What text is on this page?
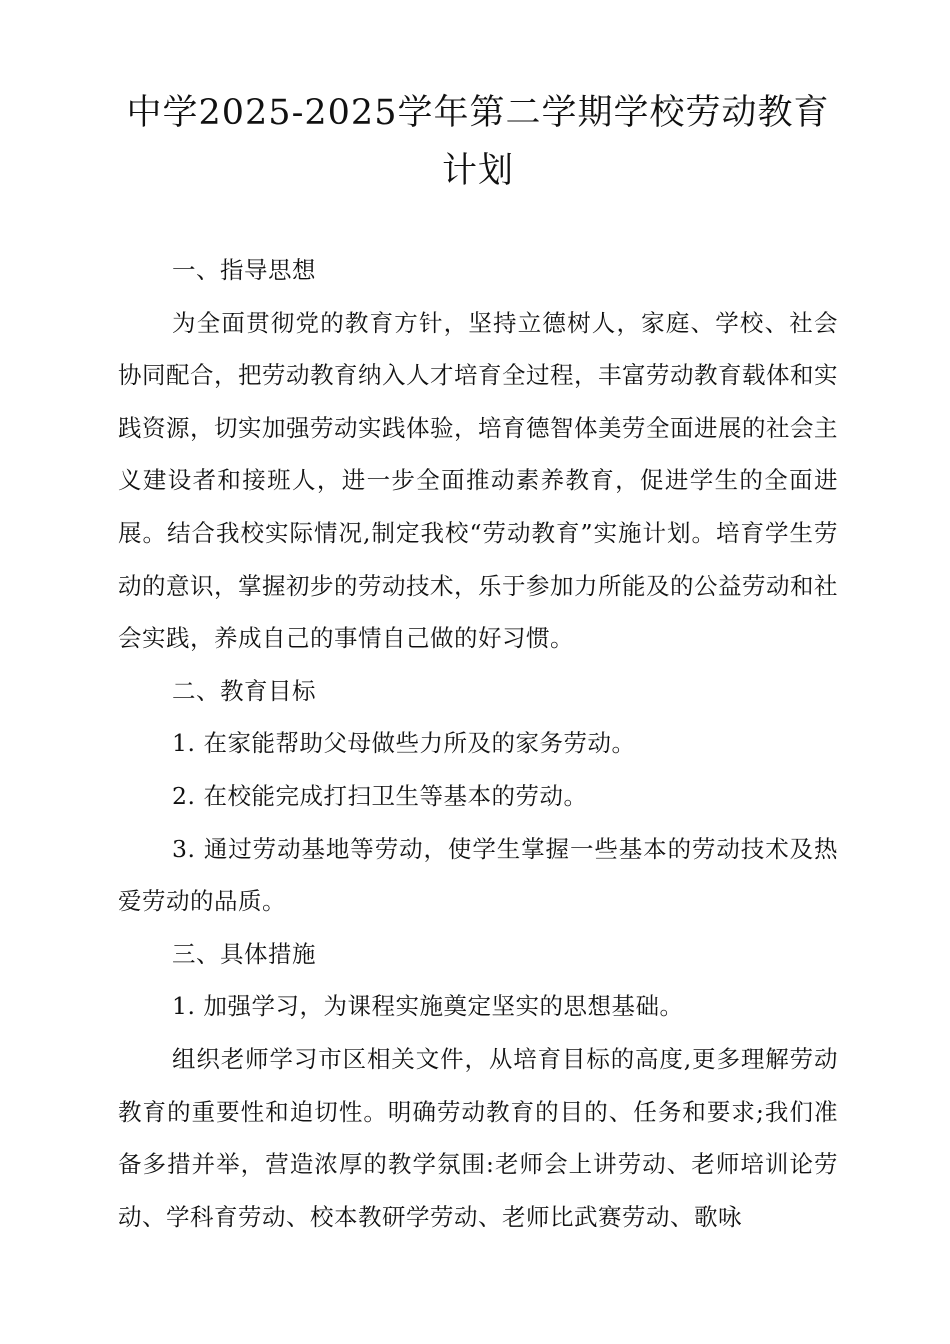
中学2025-2025学年第二学期学校劳动教育计划

一、指导思想

为全面贯彻党的教育方针，坚持立德树人，家庭、学校、社会协同配合，把劳动教育纳入人才培育全过程，丰富劳动教育载体和实践资源，切实加强劳动实践体验，培育德智体美劳全面进展的社会主义建设者和接班人，进一步全面推动素养教育，促进学生的全面进展。结合我校实际情况,制定我校“劳动教育”实施计划。培育学生劳动的意识，掌握初步的劳动技术，乐于参加力所能及的公益劳动和社会实践，养成自己的事情自己做的好习惯。

二、教育目标

1. 在家能帮助父母做些力所及的家务劳动。

2. 在校能完成打扫卫生等基本的劳动。

3. 通过劳动基地等劳动，使学生掌握一些基本的劳动技术及热爱劳动的品质。

三、具体措施

1. 加强学习，为课程实施奠定坚实的思想基础。

组织老师学习市区相关文件，从培育目标的高度,更多理解劳动教育的重要性和迫切性。明确劳动教育的目的、任务和要求;我们准备多措并举，营造浓厚的教学氛围:老师会上讲劳动、老师培训论劳动、学科育劳动、校本教研学劳动、老师比武赛劳动、歌咏
